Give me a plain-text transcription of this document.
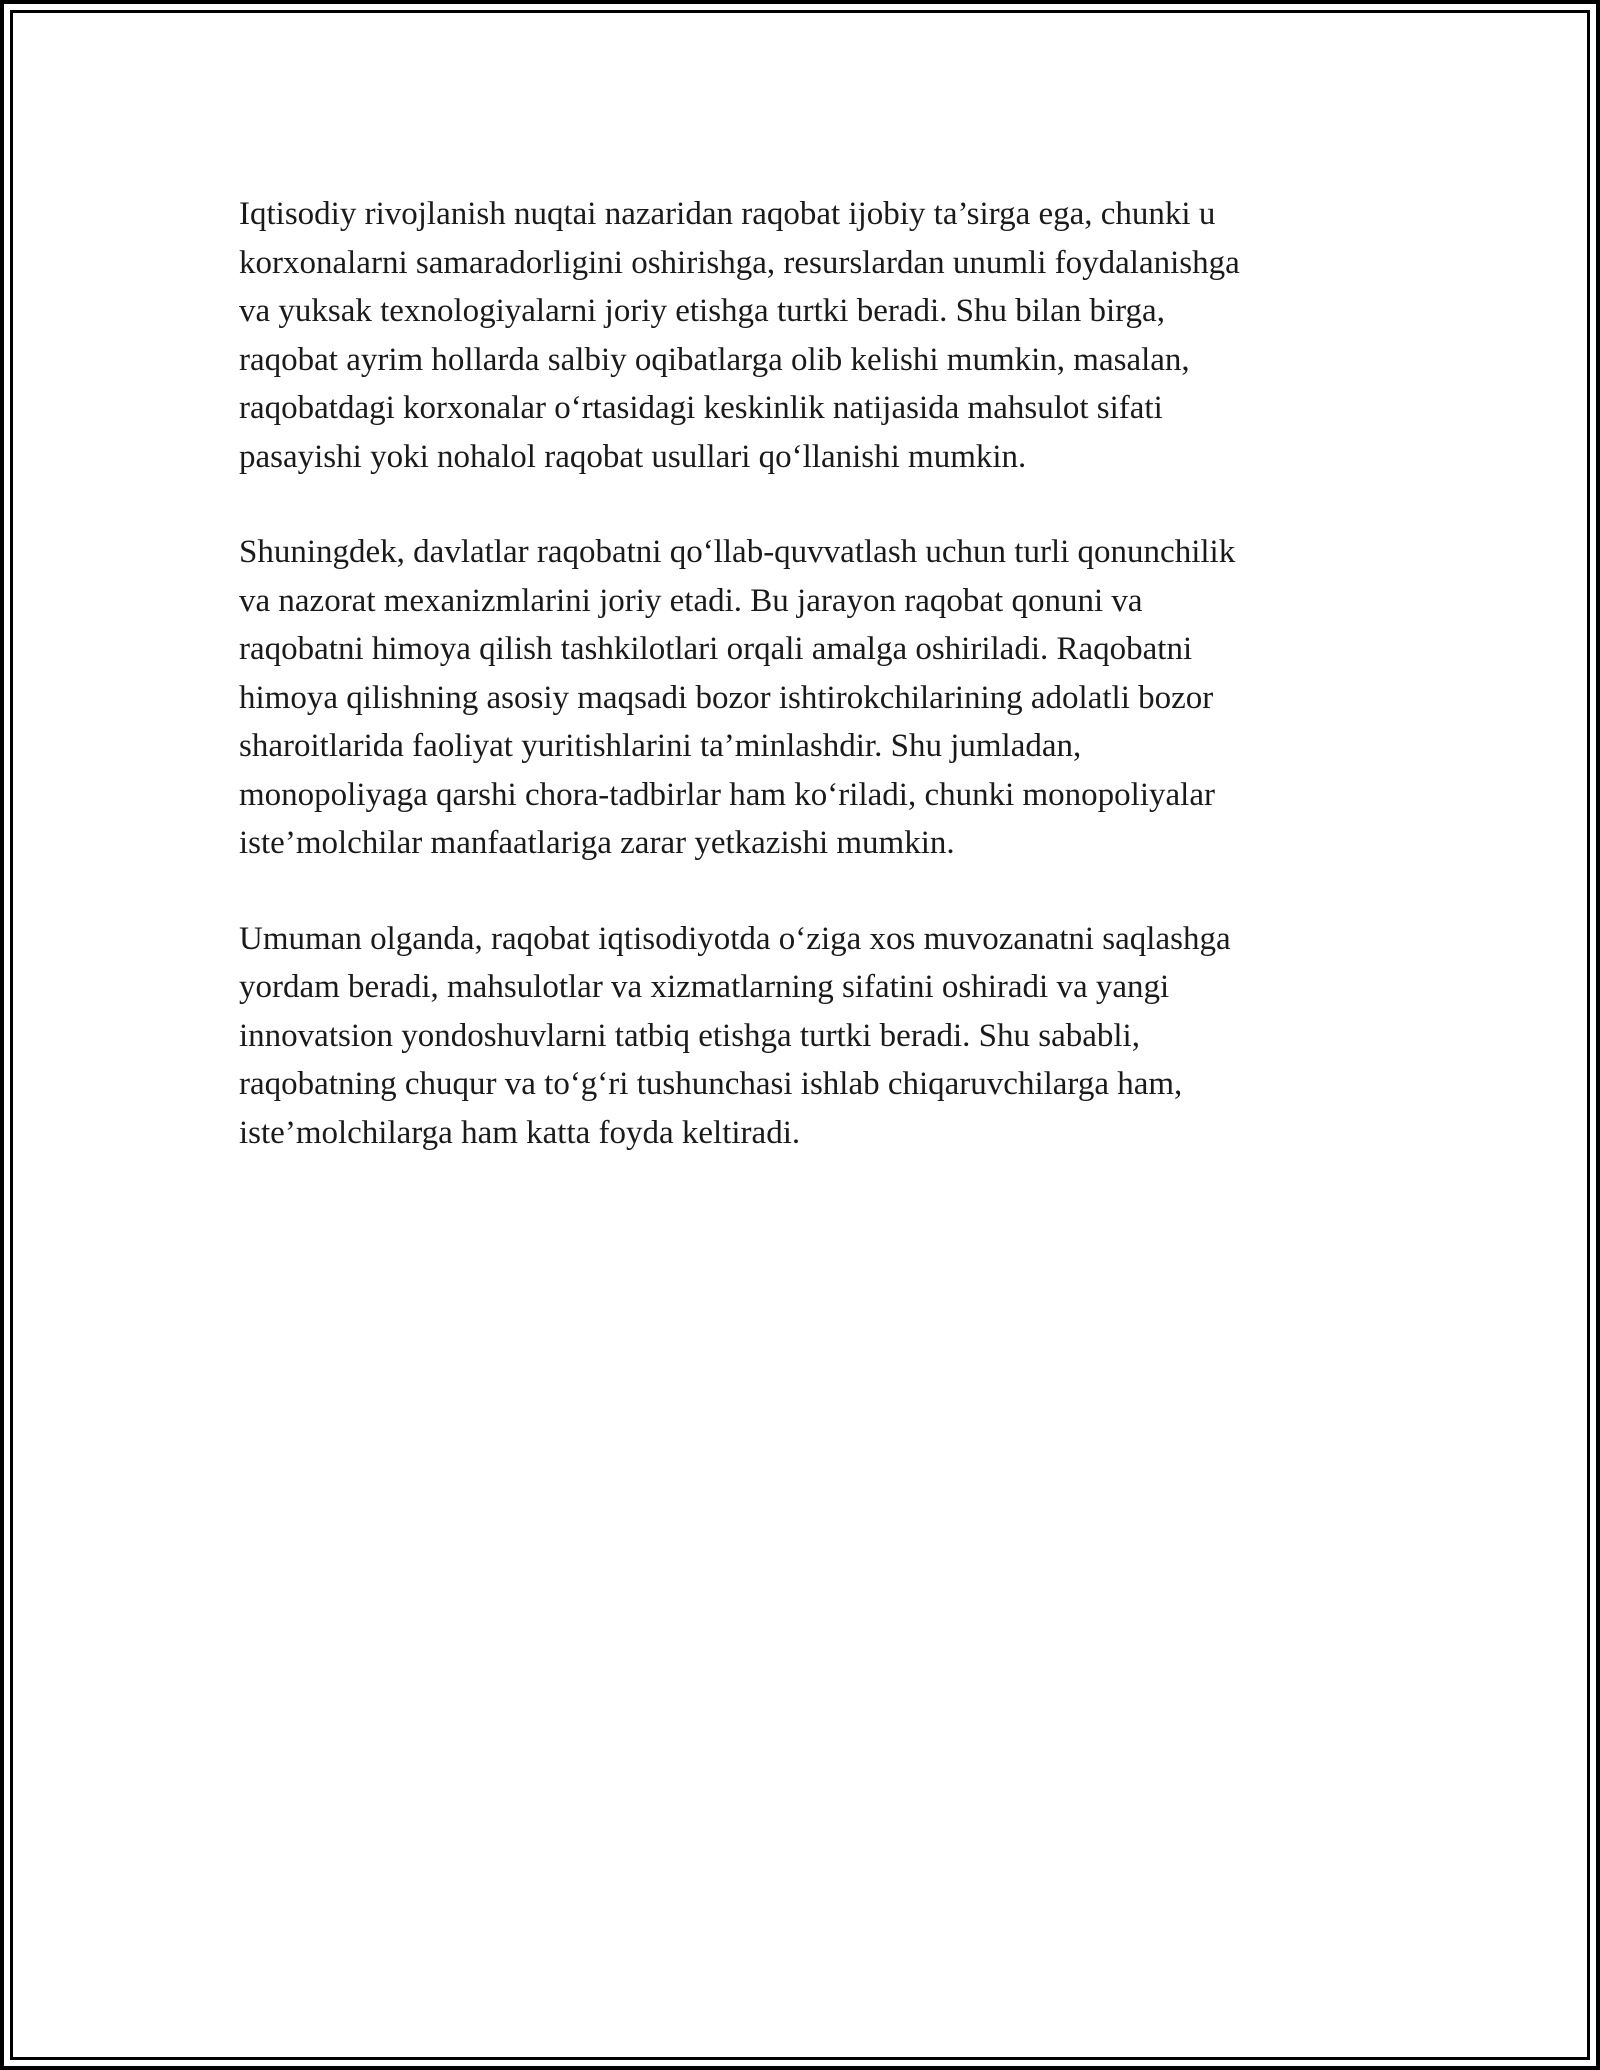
Iqtisodiy rivojlanish nuqtai nazaridan raqobat ijobiy ta’sirga ega, chunki u
korxonalarni samaradorligini oshirishga, resurslardan unumli foydalanishga
va yuksak texnologiyalarni joriy etishga turtki beradi. Shu bilan birga,
raqobat ayrim hollarda salbiy oqibatlarga olib kelishi mumkin, masalan,
raqobatdagi korxonalar o‘rtasidagi keskinlik natijasida mahsulot sifati
pasayishi yoki nohalol raqobat usullari qo‘llanishi mumkin.

Shuningdek, davlatlar raqobatni qo‘llab-quvvatlash uchun turli qonunchilik
va nazorat mexanizmlarini joriy etadi. Bu jarayon raqobat qonuni va
raqobatni himoya qilish tashkilotlari orqali amalga oshiriladi. Raqobatni
himoya qilishning asosiy maqsadi bozor ishtirokchilarining adolatli bozor
sharoitlarida faoliyat yuritishlarini ta’minlashdir. Shu jumladan,
monopoliyaga qarshi chora-tadbirlar ham ko‘riladi, chunki monopoliyalar
iste’molchilar manfaatlariga zarar yetkazishi mumkin.

Umuman olganda, raqobat iqtisodiyotda o‘ziga xos muvozanatni saqlashga
yordam beradi, mahsulotlar va xizmatlarning sifatini oshiradi va yangi
innovatsion yondoshuvlarni tatbiq etishga turtki beradi. Shu sababli,
raqobatning chuqur va to‘g‘ri tushunchasi ishlab chiqaruvchilarga ham,
iste’molchilarga ham katta foyda keltiradi.
